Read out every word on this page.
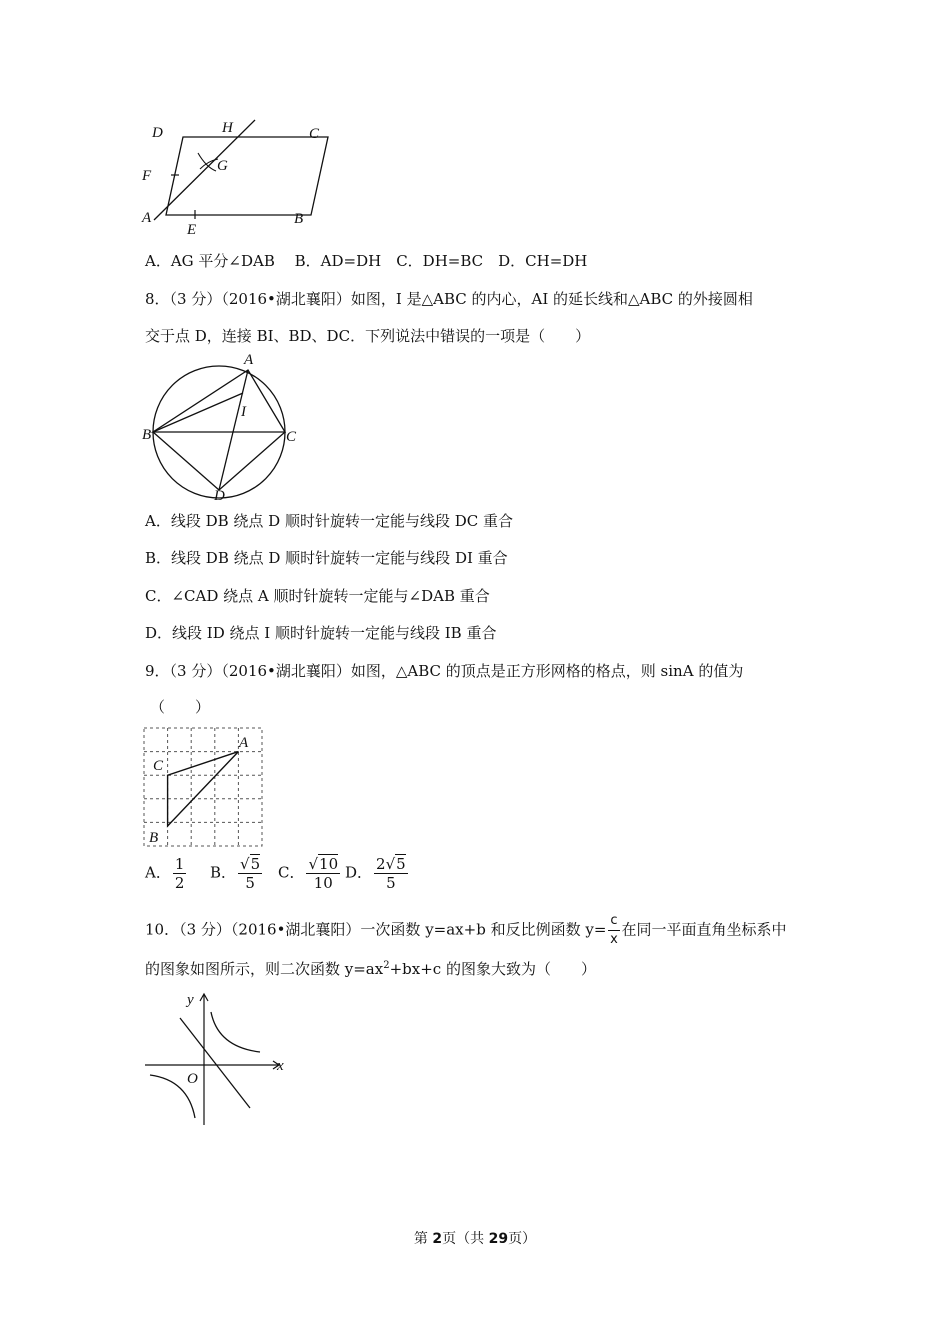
D	H	C
F
G
A
E
B
A．AG 平分∠DAB　 B．AD=DH　C．DH=BC　D．CH=DH
8．（3 分）（2016•湖北襄阳）如图，I 是△ABC 的内心，AI 的延长线和△ABC 的外接圆相
交于点 D，连接 BI、BD、DC．下列说法中错误的一项是（　　）
A
I
B	C
D
A．线段 DB 绕点 D 顺时针旋转一定能与线段 DC 重合
B．线段 DB 绕点 D 顺时针旋转一定能与线段 DI 重合
C．∠CAD 绕点 A 顺时针旋转一定能与∠DAB 重合
D．线段 ID 绕点 I 顺时针旋转一定能与线段 IB 重合
9．（3 分）（2016•湖北襄阳）如图，△ABC 的顶点是正方形网格的格点，则 sinA 的值为
（　　）
A
C
B
A． $\frac{1}{2}$ B． $\frac{√5}{5}$ C． $\frac{√10}{10}$ D． $\frac{2√5}{5}$
10．（3 分）（2016•湖北襄阳）一次函数 y=ax+b 和反比例函数 $y= \frac{c}{x}$ 在同一平面直角坐标系中
的图象如图所示，则二次函数 $y=ax^2+bx+c$ 的图象大致为（　　）
y
x
O
第 2页（共 29页）
